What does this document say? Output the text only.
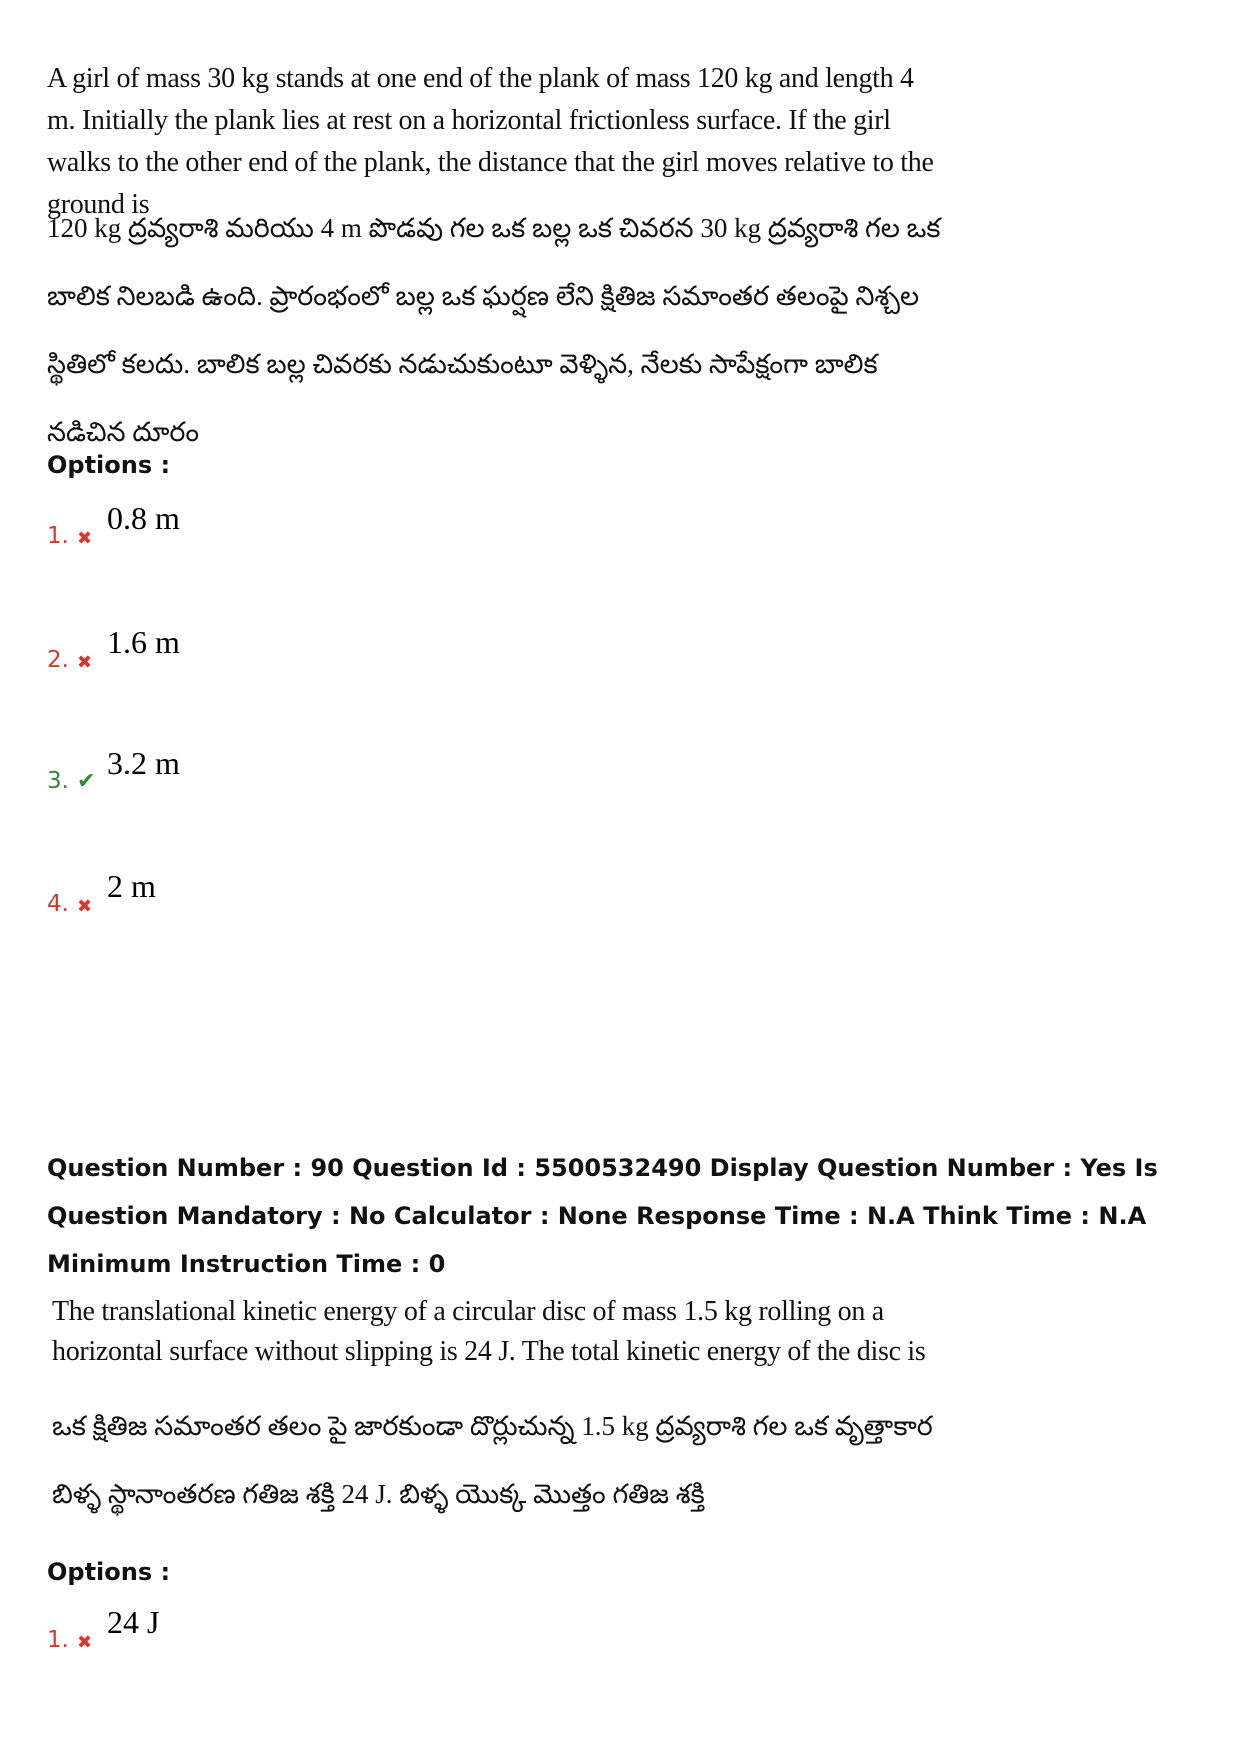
A girl of mass 30 kg stands at one end of the plank of mass 120 kg and length 4 m. Initially the plank lies at rest on a horizontal frictionless surface. If the girl walks to the other end of the plank, the distance that the girl moves relative to the ground is
120 kg ద్రవ్యరాశి మరియు 4 m పొడవు గల ఒక బల్ల ఒక చివరన 30 kg ద్రవ్యరాశి గల ఒక బాలిక నిలబడి ఉంది. ప్రారంభంలో బల్ల ఒక ఘర్షణ లేని క్షితిజ సమాంతర తలంపై నిశ్చల స్థితిలో కలదు. బాలిక బల్ల చివరకు నడుచుకుంటూ వెళ్ళిన, నేలకు సాపేక్షంగా బాలిక నడిచిన దూరం
Options :
1. ✖
0.8 m
2. ✖
1.6 m
3. ✔
3.2 m
4. ✖
2 m
Question Number : 90 Question Id : 5500532490 Display Question Number : Yes Is Question Mandatory : No Calculator : None Response Time : N.A Think Time : N.A Minimum Instruction Time : 0
The translational kinetic energy of a circular disc of mass 1.5 kg rolling on a horizontal surface without slipping is 24 J. The total kinetic energy of the disc is
ఒక క్షితిజ సమాంతర తలం పై జారకుండా దొర్లుచున్న 1.5 kg ద్రవ్యరాశి గల ఒక వృత్తాకార బిళ్ళ స్థానాంతరణ గతిజ శక్తి 24 J. బిళ్ళ యొక్క మొత్తం గతిజ శక్తి
Options :
1. ✖
24 J
